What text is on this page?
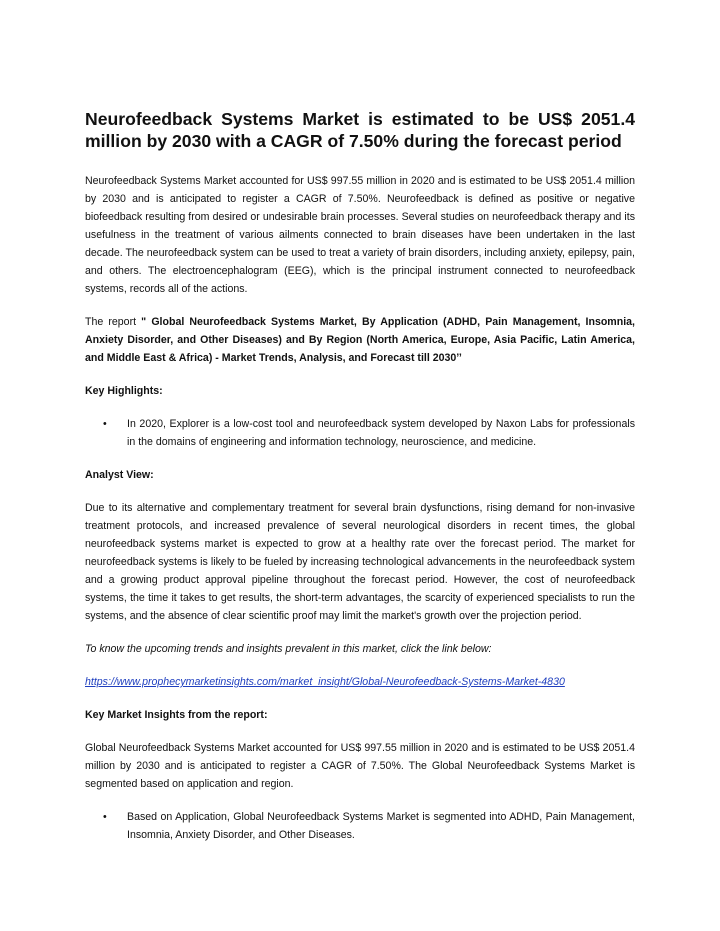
Neurofeedback Systems Market is estimated to be US$ 2051.4 million by 2030 with a CAGR of 7.50% during the forecast period

Neurofeedback Systems Market accounted for US$ 997.55 million in 2020 and is estimated to be US$ 2051.4 million by 2030 and is anticipated to register a CAGR of 7.50%. Neurofeedback is defined as positive or negative biofeedback resulting from desired or undesirable brain processes. Several studies on neurofeedback therapy and its usefulness in the treatment of various ailments connected to brain diseases have been undertaken in the last decade. The neurofeedback system can be used to treat a variety of brain disorders, including anxiety, epilepsy, pain, and others. The electroencephalogram (EEG), which is the principal instrument connected to neurofeedback systems, records all of the actions.

The report " Global Neurofeedback Systems Market, By Application (ADHD, Pain Management, Insomnia, Anxiety Disorder, and Other Diseases) and By Region (North America, Europe, Asia Pacific, Latin America, and Middle East & Africa) - Market Trends, Analysis, and Forecast till 2030’’

Key Highlights:
• In 2020, Explorer is a low-cost tool and neurofeedback system developed by Naxon Labs for professionals in the domains of engineering and information technology, neuroscience, and medicine.
Analyst View:

Due to its alternative and complementary treatment for several brain dysfunctions, rising demand for non-invasive treatment protocols, and increased prevalence of several neurological disorders in recent times, the global neurofeedback systems market is expected to grow at a healthy rate over the forecast period. The market for neurofeedback systems is likely to be fueled by increasing technological advancements in the neurofeedback system and a growing product approval pipeline throughout the forecast period. However, the cost of neurofeedback systems, the time it takes to get results, the short-term advantages, the scarcity of experienced specialists to run the systems, and the absence of clear scientific proof may limit the market's growth over the projection period.

To know the upcoming trends and insights prevalent in this market, click the link below:

https://www.prophecymarketinsights.com/market_insight/Global-Neurofeedback-Systems-Market-4830

Key Market Insights from the report:

Global Neurofeedback Systems Market accounted for US$ 997.55 million in 2020 and is estimated to be US$ 2051.4 million by 2030 and is anticipated to register a CAGR of 7.50%. The Global Neurofeedback Systems Market is segmented based on application and region.

• Based on Application, Global Neurofeedback Systems Market is segmented into ADHD, Pain Management, Insomnia, Anxiety Disorder, and Other Diseases.
